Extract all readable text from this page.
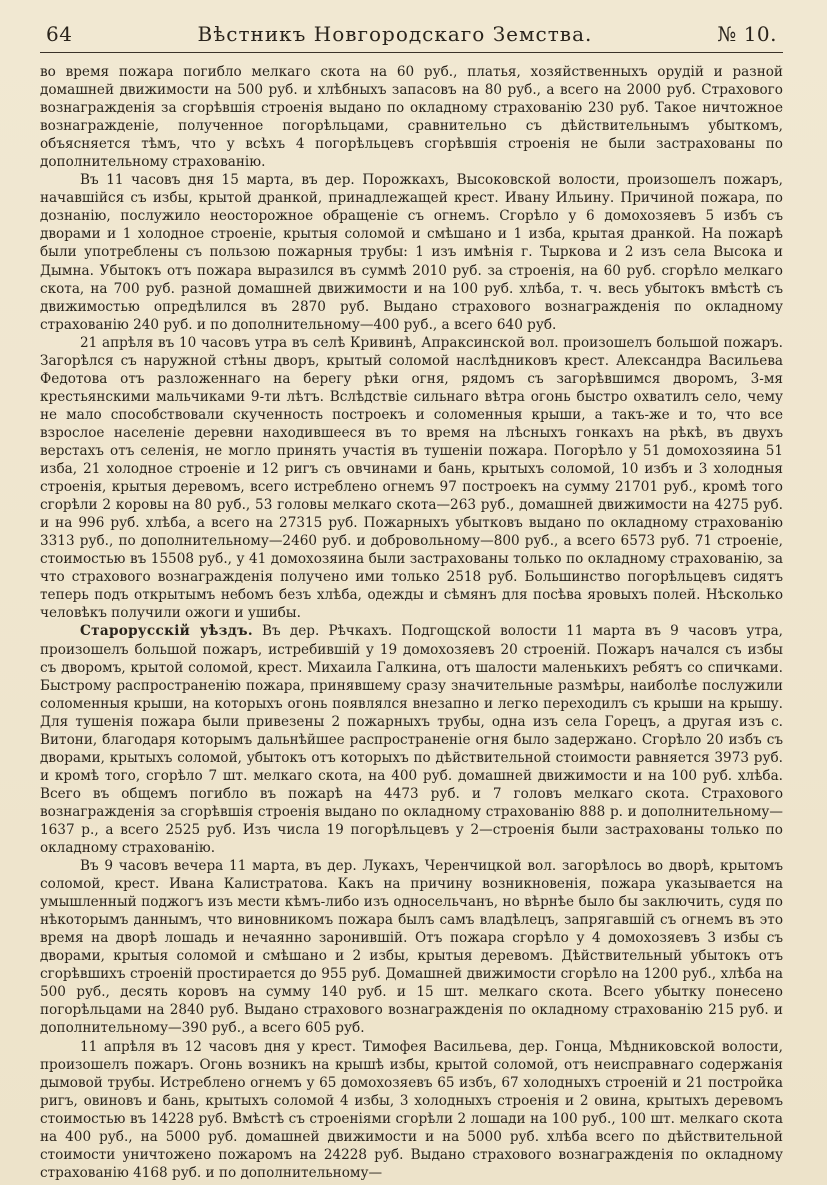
64	Вѣстникъ Новгородскаго Земства.	№ 10.

во время пожара погибло мелкаго скота на 60 руб., платья, хозяйственныхъ орудій и разной домашней движимости на 500 руб. и хлѣбныхъ запасовъ на 80 руб., а всего на 2000 руб. Страхового вознагражденія за сгорѣвшія строенія выдано по окладному страхованію 230 руб. Такое ничтожное вознагражденіе, полученное погорѣльцами, сравнительно съ дѣйствительнымъ убыткомъ, объясняется тѣмъ, что у всѣхъ 4 погорѣльцевъ сгорѣвшія строенія не были застрахованы по дополнительному страхованію.

Въ 11 часовъ дня 15 марта, въ дер. Порожкахъ, Высоковской волости, произошелъ пожаръ, начавшійся съ избы, крытой дранкой, принадлежащей крест. Ивану Ильину. Причиной пожара, по дознанію, послужило неосторожное обращеніе съ огнемъ. Сгорѣло у 6 домохозяевъ 5 избъ съ дворами и 1 холодное строеніе, крытыя соломой и смѣшано и 1 изба, крытая дранкой. На пожарѣ были употреблены съ пользою пожарныя трубы: 1 изъ имѣнія г. Тыркова и 2 изъ села Высока и Дымна. Убытокъ отъ пожара выразился въ суммѣ 2010 руб. за строенія, на 60 руб. сгорѣло мелкаго скота, на 700 руб. разной домашней движимости и на 100 руб. хлѣба, т. ч. весь убытокъ вмѣстѣ съ движимостью опредѣлился въ 2870 руб. Выдано страхового вознагражденія по окладному страхованію 240 руб. и по дополнительному—400 руб., а всего 640 руб.

21 апрѣля въ 10 часовъ утра въ селѣ Кривинѣ, Апраксинской вол. произошелъ большой пожаръ. Загорѣлся съ наружной стѣны дворъ, крытый соломой наслѣдниковъ крест. Александра Васильева Федотова отъ разложеннаго на берегу рѣки огня, рядомъ съ загорѣвшимся дворомъ, 3-мя крестьянскими мальчиками 9-ти лѣтъ. Вслѣдствіе сильнаго вѣтра огонь быстро охватилъ село, чему не мало способствовали скученность построекъ и соломенныя крыши, а такъ-же и то, что все взрослое населеніе деревни находившееся въ то время на лѣсныхъ гонкахъ на рѣкѣ, въ двухъ верстахъ отъ селенія, не могло принять участія въ тушеніи пожара. Погорѣло у 51 домохозяина 51 изба, 21 холодное строеніе и 12 ригъ съ овчинами и бань, крытыхъ соломой, 10 избъ и 3 холодныя строенія, крытыя деревомъ, всего истреблено огнемъ 97 построекъ на сумму 21701 руб., кромѣ того сгорѣли 2 коровы на 80 руб., 53 головы мелкаго скота—263 руб., домашней движимости на 4275 руб. и на 996 руб. хлѣба, а всего на 27315 руб. Пожарныхъ убытковъ выдано по окладному страхованію 3313 руб., по дополнительному—2460 руб. и добровольному—800 руб., а всего 6573 руб. 71 строеніе, стоимостью въ 15508 руб., у 41 домохозяина были застрахованы только по окладному страхованію, за что страхового вознагражденія получено ими только 2518 руб. Большинство погорѣльцевъ сидятъ теперь подъ открытымъ небомъ безъ хлѣба, одежды и сѣмянъ для посѣва яровыхъ полей. Нѣсколько человѣкъ получили ожоги и ушибы.

Старорусскій уѣздъ. Въ дер. Рѣчкахъ. Подгощской волости 11 марта въ 9 часовъ утра, произошелъ большой пожаръ, истребившій у 19 домохозяевъ 20 строеній. Пожаръ начался съ избы съ дворомъ, крытой соломой, крест. Михаила Галкина, отъ шалости маленькихъ ребятъ со спичками. Быстрому распространенію пожара, принявшему сразу значительные размѣры, наиболѣе послужили соломенныя крыши, на которыхъ огонь появлялся внезапно и легко переходилъ съ крыши на крышу. Для тушенія пожара были привезены 2 пожарныхъ трубы, одна изъ села Горецъ, а другая изъ с. Витони, благодаря которымъ дальнѣйшее распространеніе огня было задержано. Сгорѣло 20 избъ съ дворами, крытыхъ соломой, убытокъ отъ которыхъ по дѣйствительной стоимости равняется 3973 руб. и кромѣ того, сгорѣло 7 шт. мелкаго скота, на 400 руб. домашней движимости и на 100 руб. хлѣба. Всего въ общемъ погибло въ пожарѣ на 4473 руб. и 7 головъ мелкаго скота. Страхового вознагражденія за сгорѣвшія строенія выдано по окладному страхованію 888 р. и дополнительному—1637 р., а всего 2525 руб. Изъ числа 19 погорѣльцевъ у 2—строенія были застрахованы только по окладному страхованію.

Въ 9 часовъ вечера 11 марта, въ дер. Лукахъ, Черенчицкой вол. загорѣлось во дворѣ, крытомъ соломой, крест. Ивана Калистратова. Какъ на причину возникновенія, пожара указывается на умышленный поджогъ изъ мести кѣмъ-либо изъ односельчанъ, но вѣрнѣе было бы заключить, судя по нѣкоторымъ даннымъ, что виновникомъ пожара былъ самъ владѣлецъ, запрягавшій съ огнемъ въ это время на дворѣ лошадь и нечаянно заронившій. Отъ пожара сгорѣло у 4 домохозяевъ 3 избы съ дворами, крытыя соломой и смѣшано и 2 избы, крытыя деревомъ. Дѣйствительный убытокъ отъ сгорѣвшихъ строеній простирается до 955 руб. Домашней движимости сгорѣло на 1200 руб., хлѣба на 500 руб., десять коровъ на сумму 140 руб. и 15 шт. мелкаго скота. Всего убытку понесено погорѣльцами на 2840 руб. Выдано страхового вознагражденія по окладному страхованію 215 руб. и дополнительному—390 руб., а всего 605 руб.

11 апрѣля въ 12 часовъ дня у крест. Тимофея Васильева, дер. Гонца, Мѣдниковской волости, произошелъ пожаръ. Огонь возникъ на крышѣ избы, крытой соломой, отъ неисправнаго содержанія дымовой трубы. Истреблено огнемъ у 65 домохозяевъ 65 избъ, 67 холодныхъ строеній и 21 постройка ригъ, овиновъ и бань, крытыхъ соломой 4 избы, 3 холодныхъ строенія и 2 овина, крытыхъ деревомъ стоимостью въ 14228 руб. Вмѣстѣ съ строеніями сгорѣли 2 лошади на 100 руб., 100 шт. мелкаго скота на 400 руб., на 5000 руб. домашней движимости и на 5000 руб. хлѣба всего по дѣйствительной стоимости уничтожено пожаромъ на 24228 руб. Выдано страхового вознагражденія по окладному страхованію 4168 руб. и по дополнительному—
